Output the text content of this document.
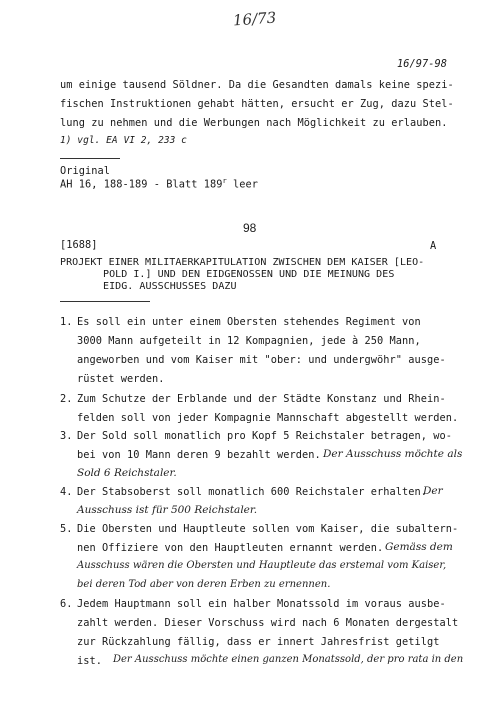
16/73
16/97-98
um einige tausend Söldner. Da die Gesandten damals keine spezi-
fischen Instruktionen gehabt hätten, ersucht er Zug, dazu Stel-
lung zu nehmen und die Werbungen nach Möglichkeit zu erlauben.
1) vgl. EA VI 2, 233 c
Original
AH 16, 188-189 - Blatt 189$^r$ leer
98
[1688]	A
PROJEKT EINER MILITAERKAPITULATION ZWISCHEN DEM KAISER [LEO-
POLD I.] UND DEN EIDGENOSSEN UND DIE MEINUNG DES
EIDG. AUSSCHUSSES DAZU
1. Es soll ein unter einem Obersten stehendes Regiment von
3000 Mann aufgeteilt in 12 Kompagnien, jede à 250 Mann,
angeworben und vom Kaiser mit "ober: und undergwöhr" ausge-
rüstet werden.
2. Zum Schutze der Erblande und der Städte Konstanz und Rhein-
felden soll von jeder Kompagnie Mannschaft abgestellt werden.
3. Der Sold soll monatlich pro Kopf 5 Reichstaler betragen, wo-
bei von 10 Mann deren 9 bezahlt werden. Der Ausschuss möchte als
Sold 6 Reichstaler.
4. Der Stabsoberst soll monatlich 600 Reichstaler erhalten.
Der
Ausschuss ist für 500 Reichstaler.
5. Die Obersten und Hauptleute sollen vom Kaiser, die subaltern-
nen Offiziere von den Hauptleuten ernannt werden. Gemäss dem
Ausschuss wären die Obersten und Hauptleute das erstemal vom Kaiser,
bei deren Tod aber von deren Erben zu ernennen.
6. Jedem Hauptmann soll ein halber Monatssold im voraus ausbe-
zahlt werden. Dieser Vorschuss wird nach 6 Monaten dergestalt
zur Rückzahlung fällig, dass er innert Jahresfrist getilgt
ist. Der Ausschuss möchte einen ganzen Monatssold, der pro rata in den
